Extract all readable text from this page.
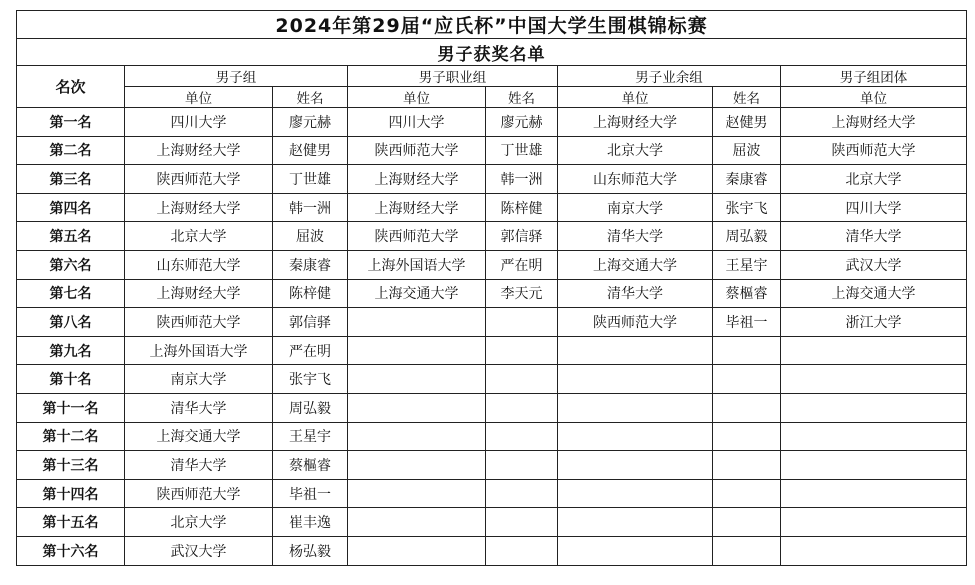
2024年第29届“应氏杯”中国大学生围棋锦标赛							
男子获奖名单							
名次	男子组		男子职业组		男子业余组		男子组团体
	单位	姓名	单位	姓名	单位	姓名	单位
第一名	四川大学	廖元赫	四川大学	廖元赫	上海财经大学	赵健男	上海财经大学
第二名	上海财经大学	赵健男	陕西师范大学	丁世雄	北京大学	屈波	陕西师范大学
第三名	陕西师范大学	丁世雄	上海财经大学	韩一洲	山东师范大学	秦康睿	北京大学
第四名	上海财经大学	韩一洲	上海财经大学	陈梓健	南京大学	张宇飞	四川大学
第五名	北京大学	屈波	陕西师范大学	郭信驿	清华大学	周弘毅	清华大学
第六名	山东师范大学	秦康睿	上海外国语大学	严在明	上海交通大学	王星宇	武汉大学
第七名	上海财经大学	陈梓健	上海交通大学	李天元	清华大学	蔡樞睿	上海交通大学
第八名	陕西师范大学	郭信驿			陕西师范大学	毕祖一	浙江大学
第九名	上海外国语大学	严在明					
第十名	南京大学	张宇飞					
第十一名	清华大学	周弘毅					
第十二名	上海交通大学	王星宇					
第十三名	清华大学	蔡樞睿					
第十四名	陕西师范大学	毕祖一					
第十五名	北京大学	崔丰逸					
第十六名	武汉大学	杨弘毅					
